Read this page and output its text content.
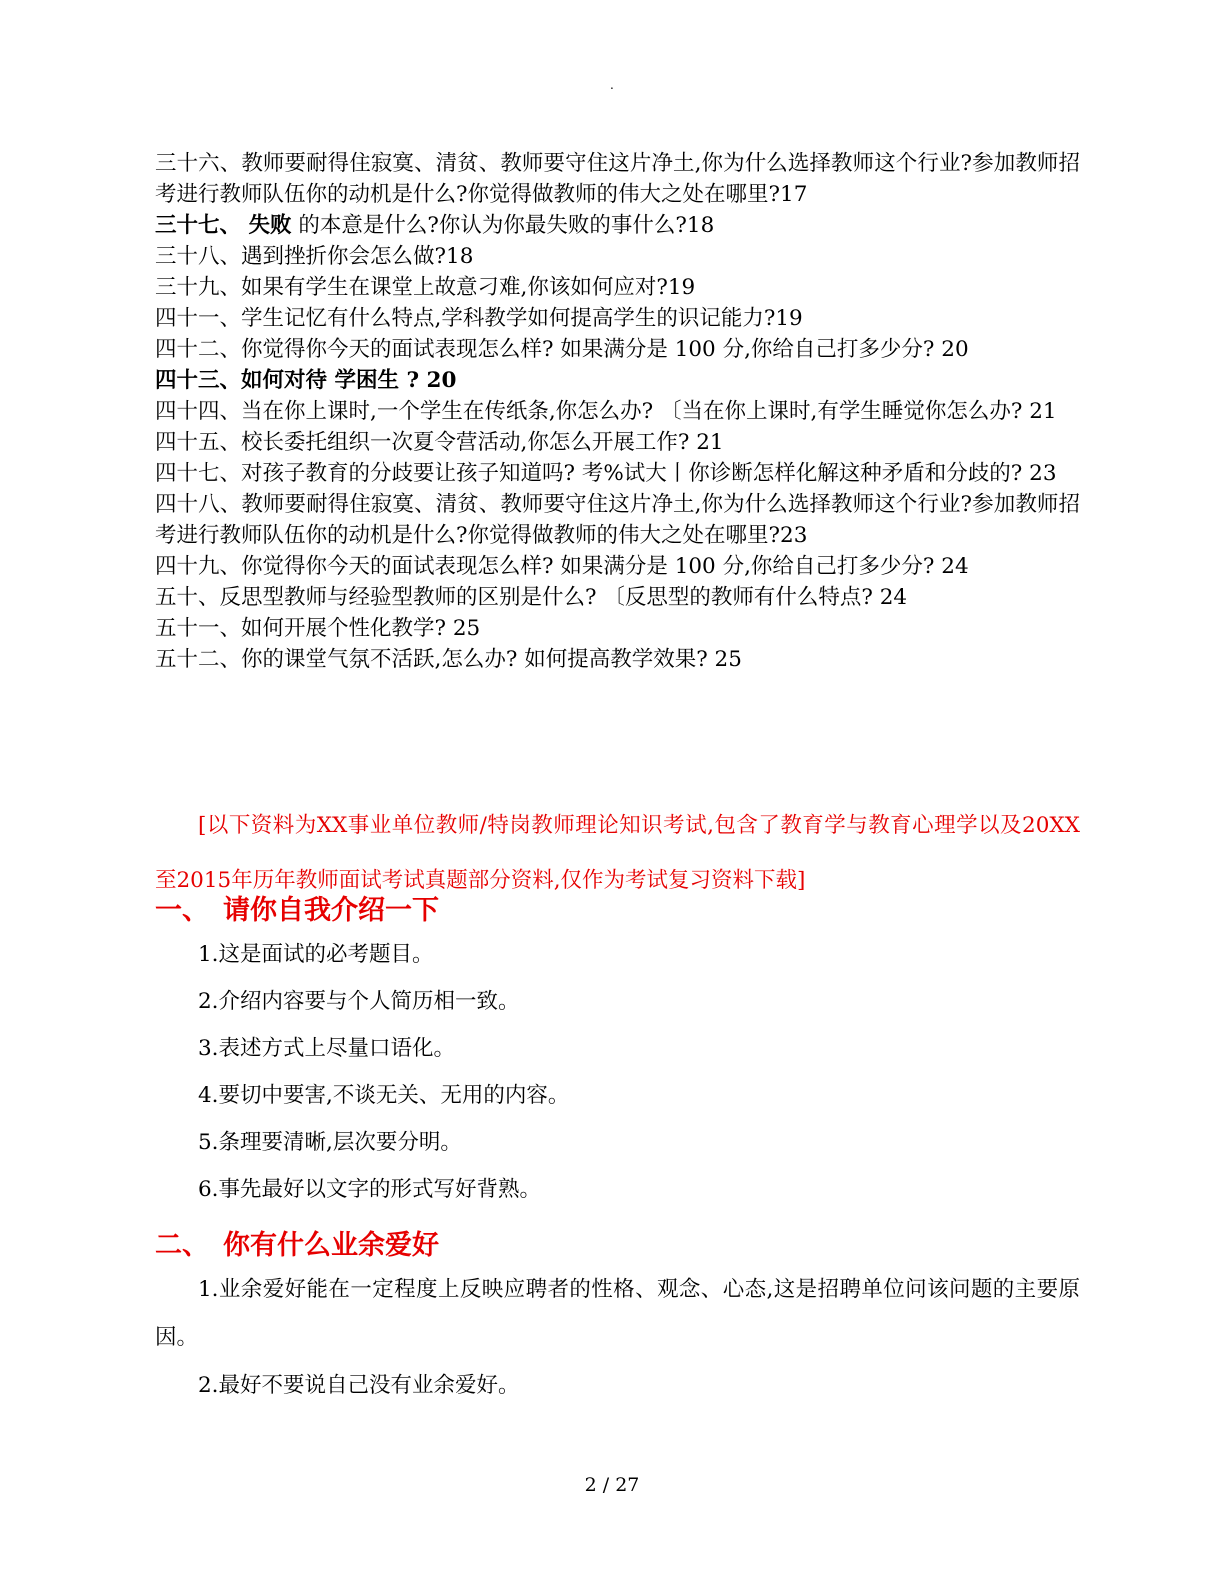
.
三十六、教师要耐得住寂寞、清贫、教师要守住这片净土,你为什么选择教师这个行业?参加教师招考进行教师队伍你的动机是什么?你觉得做教师的伟大之处在哪里?17
三十七、 失败 的本意是什么?你认为你最失败的事什么?18
三十八、遇到挫折你会怎么做?18
三十九、如果有学生在课堂上故意刁难,你该如何应对?19
四十一、学生记忆有什么特点,学科教学如何提高学生的识记能力?19
四十二、你觉得你今天的面试表现怎么样? 如果满分是 100 分,你给自己打多少分? 20
四十三、如何对待 学困生 ? 20
四十四、当在你上课时,一个学生在传纸条,你怎么办? 〔当在你上课时,有学生睡觉你怎么办? 21
四十五、校长委托组织一次夏令营活动,你怎么开展工作? 21
四十七、对孩子教育的分歧要让孩子知道吗? 考%试大丨你诊断怎样化解这种矛盾和分歧的? 23
四十八、教师要耐得住寂寞、清贫、教师要守住这片净土,你为什么选择教师这个行业?参加教师招考进行教师队伍你的动机是什么?你觉得做教师的伟大之处在哪里?23
四十九、你觉得你今天的面试表现怎么样? 如果满分是 100 分,你给自己打多少分? 24
五十、反思型教师与经验型教师的区别是什么? 〔反思型的教师有什么特点? 24
五十一、如何开展个性化教学? 25
五十二、你的课堂气氛不活跃,怎么办? 如何提高教学效果? 25

[以下资料为XX事业单位教师/特岗教师理论知识考试,包含了教育学与教育心理学以及20XX至2015年历年教师面试考试真题部分资料,仅作为考试复习资料下载]

一、 请你自我介绍一下
1.这是面试的必考题目。
2.介绍内容要与个人简历相一致。
3.表述方式上尽量口语化。
4.要切中要害,不谈无关、无用的内容。
5.条理要清晰,层次要分明。
6.事先最好以文字的形式写好背熟。
二、 你有什么业余爱好
1.业余爱好能在一定程度上反映应聘者的性格、观念、心态,这是招聘单位问该问题的主要原因。
2.最好不要说自己没有业余爱好。
2 / 27
